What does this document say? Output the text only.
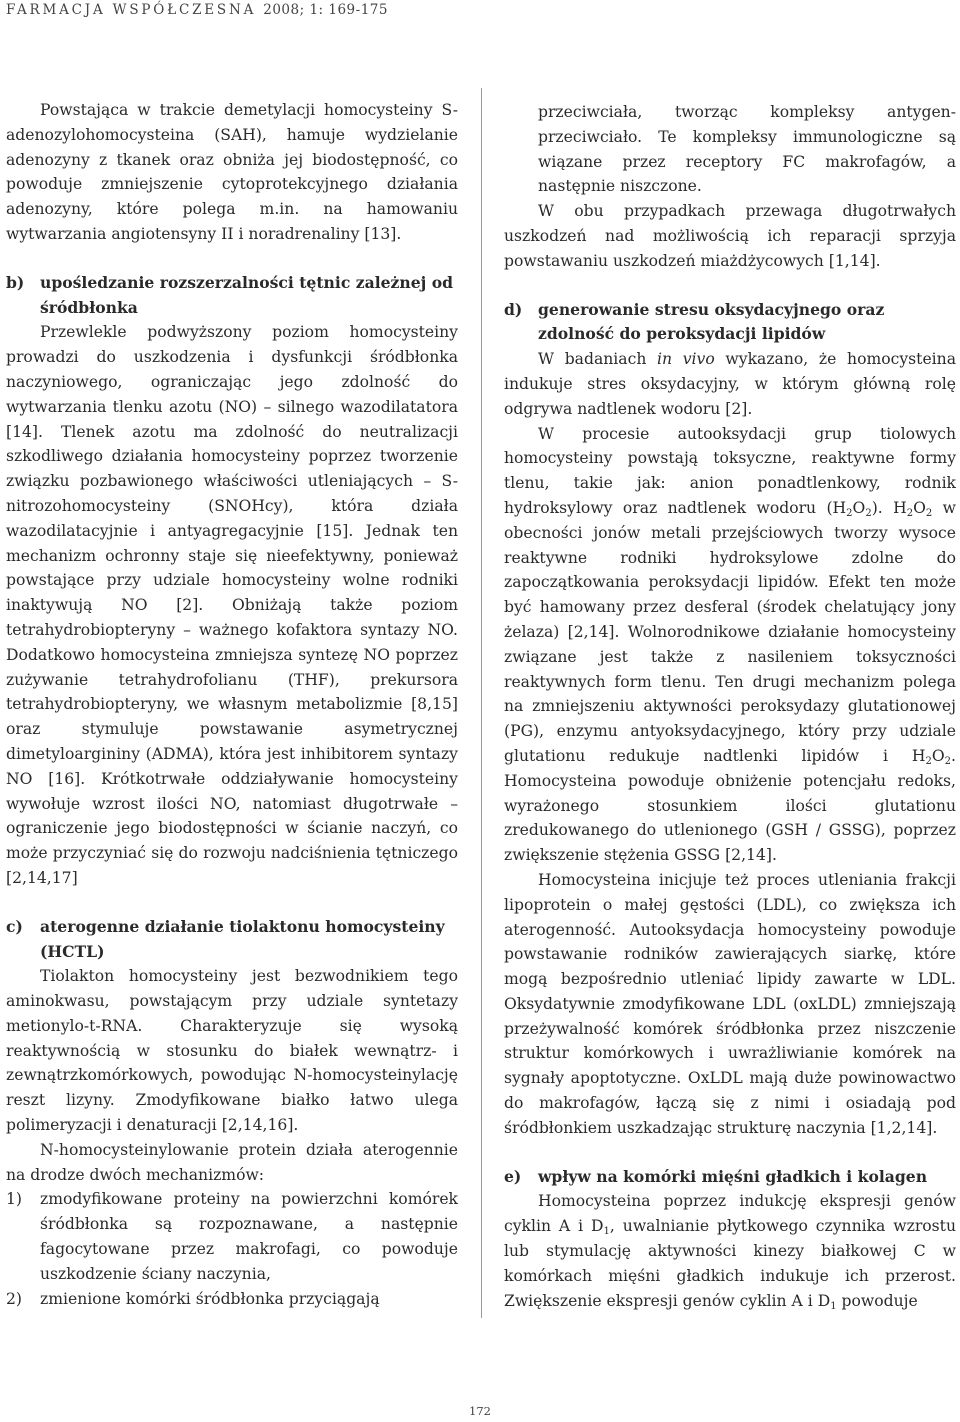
FARMACJA WSPÓŁCZESNA 2008; 1: 169-175

Powstająca w trakcie demetylacji homocysteiny S-adenozylohomocysteina (SAH), hamuje wydzielanie adenozyny z tkanek oraz obniża jej biodostępność, co powoduje zmniejszenie cytoprotekcyjnego działania adenozyny, które polega m.in. na hamowaniu wytwarzania angiotensyny II i noradrenaliny [13].

b)	upośledzanie rozszerzalności tętnic zależnej od śródbłonka

Przewlekle podwyższony poziom homocysteiny prowadzi do uszkodzenia i dysfunkcji śródbłonka naczyniowego, ograniczając jego zdolność do wytwarzania tlenku azotu (NO) – silnego wazodilatatora [14]. Tlenek azotu ma zdolność do neutralizacji szkodliwego działania homocysteiny poprzez tworzenie związku pozbawionego właściwości utleniających – S-nitrozohomocysteiny (SNOHcy), która działa wazodilatacyjnie i antyagregacyjnie [15]. Jednak ten mechanizm ochronny staje się nieefektywny, ponieważ powstające przy udziale homocysteiny wolne rodniki inaktywują NO [2]. Obniżają także poziom tetrahydrobiopteryny – ważnego kofaktora syntazy NO. Dodatkowo homocysteina zmniejsza syntezę NO poprzez zużywanie tetrahydrofolianu (THF), prekursora tetrahydrobiopteryny, we własnym metabolizmie [8,15] oraz stymuluje powstawanie asymetrycznej dimetyloargininy (ADMA), która jest inhibitorem syntazy NO [16]. Krótkotrwałe oddziaływanie homocysteiny wywołuje wzrost ilości NO, natomiast długotrwałe – ograniczenie jego biodostępności w ścianie naczyń, co może przyczyniać się do rozwoju nadciśnienia tętniczego [2,14,17]

c)	aterogenne działanie tiolaktonu homocysteiny (HCTL)

Tiolakton homocysteiny jest bezwodnikiem tego aminokwasu, powstającym przy udziale syntetazy metionylo-t-RNA. Charakteryzuje się wysoką reaktywnością w stosunku do białek wewnątrz- i zewnątrzkomórkowych, powodując N-homocysteinylację reszt lizyny. Zmodyfikowane białko łatwo ulega polimeryzacji i denaturacji [2,14,16].

N-homocysteinylowanie protein działa aterogennie na drodze dwóch mechanizmów:

1)	zmodyfikowane proteiny na powierzchni komórek śródbłonka są rozpoznawane, a następnie fagocytowane przez makrofagi, co powoduje uszkodzenie ściany naczynia,
2)	zmienione komórki śródbłonka przyciągają

przeciwciała, tworząc kompleksy antygen-przeciwciało. Te kompleksy immunologiczne są wiązane przez receptory FC makrofagów, a następnie niszczone.

W obu przypadkach przewaga długotrwałych uszkodzeń nad możliwością ich reparacji sprzyja powstawaniu uszkodzeń miażdżycowych [1,14].

d)	generowanie stresu oksydacyjnego oraz zdolność do peroksydacji lipidów

W badaniach in vivo wykazano, że homocysteina indukuje stres oksydacyjny, w którym główną rolę odgrywa nadtlenek wodoru [2].

W procesie autooksydacji grup tiolowych homocysteiny powstają toksyczne, reaktywne formy tlenu, takie jak: anion ponadtlenkowy, rodnik hydroksylowy oraz nadtlenek wodoru $(H_2O_2)$. $H_2O_2$ w obecności jonów metali przejściowych tworzy wysoce reaktywne rodniki hydroksylowe zdolne do zapoczątkowania peroksydacji lipidów. Efekt ten może być hamowany przez desferal (środek chelatujący jony żelaza) [2,14]. Wolnorodnikowe działanie homocysteiny związane jest także z nasileniem toksyczności reaktywnych form tlenu. Ten drugi mechanizm polega na zmniejszeniu aktywności peroksydazy glutationowej (PG), enzymu antyoksydacyjnego, który przy udziale glutationu redukuje nadtlenki lipidów i $H_2O_2$. Homocysteina powoduje obniżenie potencjału redoks, wyrażonego stosunkiem ilości glutationu zredukowanego do utlenionego (GSH / GSSG), poprzez zwiększenie stężenia GSSG [2,14].

Homocysteina inicjuje też proces utleniania frakcji lipoprotein o małej gęstości (LDL), co zwiększa ich aterogenność. Autooksydacja homocysteiny powoduje powstawanie rodników zawierających siarkę, które mogą bezpośrednio utleniać lipidy zawarte w LDL. Oksydatywnie zmodyfikowane LDL (oxLDL) zmniejszają przeżywalność komórek śródbłonka przez niszczenie struktur komórkowych i uwrażliwianie komórek na sygnały apoptotyczne. OxLDL mają duże powinowactwo do makrofagów, łączą się z nimi i osiadają pod śródbłonkiem uszkadzając strukturę naczynia [1,2,14].

e)	wpływ na komórki mięśni gładkich i kolagen

Homocysteina poprzez indukcję ekspresji genów cyklin A i $D_1$, uwalnianie płytkowego czynnika wzrostu lub stymulację aktywności kinezy białkowej C w komórkach mięśni gładkich indukuje ich przerost. Zwiększenie ekspresji genów cyklin A i $D_1$ powoduje

172
